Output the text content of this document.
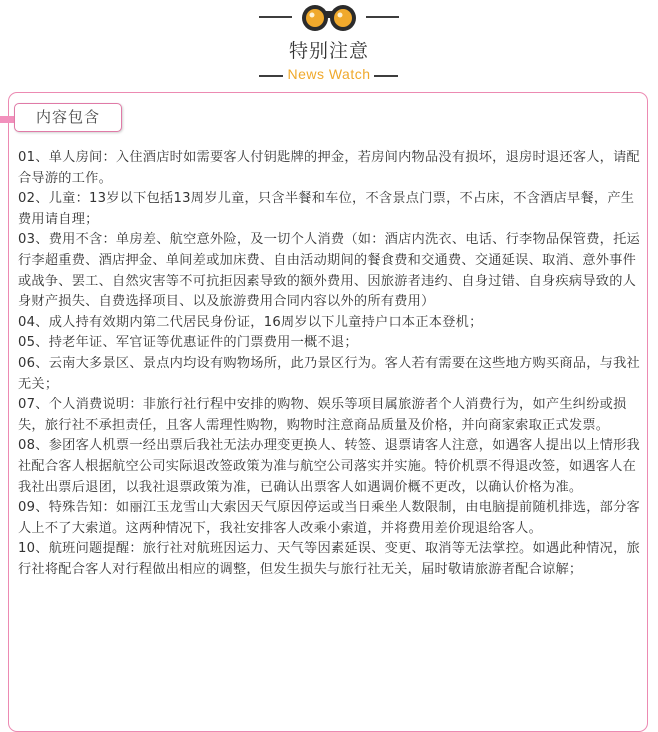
特别注意
News Watch
内容包含

01、单人房间：入住酒店时如需要客人付钥匙牌的押金，若房间内物品没有损坏，退房时退还客人，请配合导游的工作。

02、儿童：13岁以下包括13周岁儿童，只含半餐和车位，不含景点门票，不占床，不含酒店早餐，产生费用请自理；

03、费用不含：单房差、航空意外险，及一切个人消费（如：酒店内洗衣、电话、行李物品保管费，托运行李超重费、酒店押金、单间差或加床费、自由活动期间的餐食费和交通费、交通延误、取消、意外事件或战争、罢工、自然灾害等不可抗拒因素导致的额外费用、因旅游者违约、自身过错、自身疾病导致的人身财产损失、自费选择项目、以及旅游费用合同内容以外的所有费用）

04、成人持有效期内第二代居民身份证，16周岁以下儿童持户口本正本登机；

05、持老年证、军官证等优惠证件的门票费用一概不退；

06、云南大多景区、景点内均设有购物场所，此乃景区行为。客人若有需要在这些地方购买商品，与我社无关；

07、个人消费说明：非旅行社行程中安排的购物、娱乐等项目属旅游者个人消费行为，如产生纠纷或损失，旅行社不承担责任，且客人需理性购物，购物时注意商品质量及价格，并向商家索取正式发票。

08、参团客人机票一经出票后我社无法办理变更换人、转签、退票请客人注意，如遇客人提出以上情形我社配合客人根据航空公司实际退改签政策为准与航空公司落实并实施。特价机票不得退改签，如遇客人在我社出票后退团，以我社退票政策为准，已确认出票客人如遇调价概不更改，以确认价格为准。

09、特殊告知：如丽江玉龙雪山大索因天气原因停运或当日乘坐人数限制，由电脑提前随机排选，部分客人上不了大索道。这两种情况下，我社安排客人改乘小索道，并将费用差价现退给客人。

10、航班问题提醒：旅行社对航班因运力、天气等因素延误、变更、取消等无法掌控。如遇此种情况，旅行社将配合客人对行程做出相应的调整，但发生损失与旅行社无关，届时敬请旅游者配合谅解；
